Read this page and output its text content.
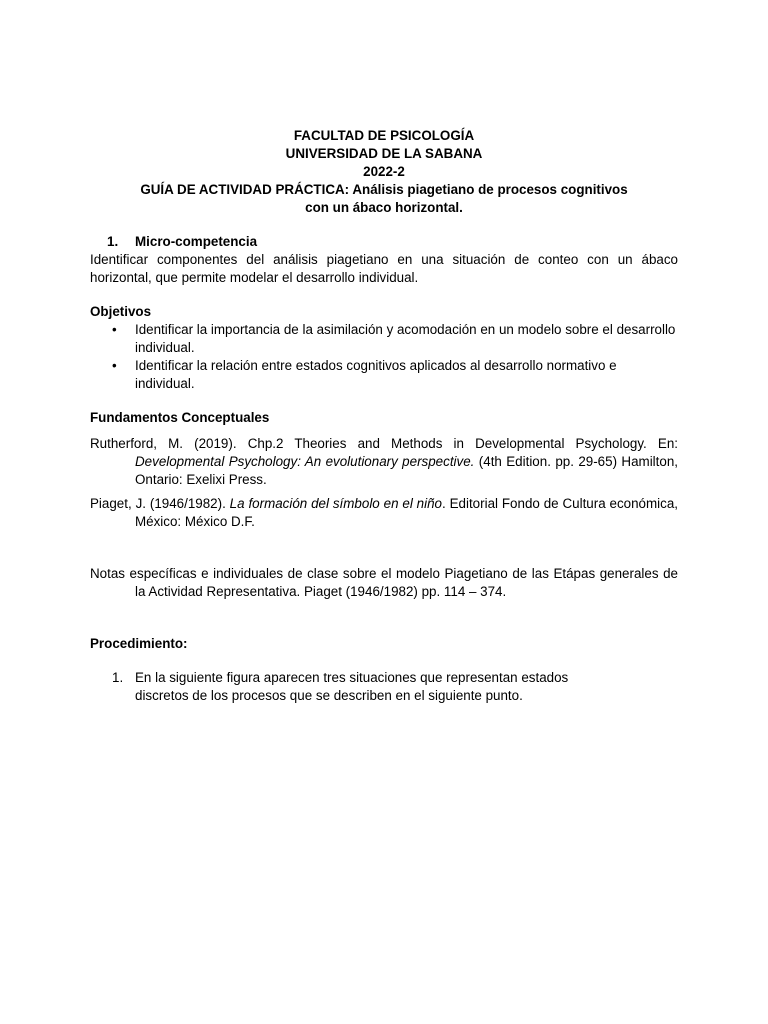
FACULTAD DE PSICOLOGÍA
UNIVERSIDAD DE LA SABANA
2022-2
GUÍA DE ACTIVIDAD PRÁCTICA: Análisis piagetiano de procesos cognitivos
con un ábaco horizontal.
1.	Micro-competencia
Identificar componentes del análisis piagetiano en una situación de conteo con un ábaco horizontal, que permite modelar el desarrollo individual.
Objetivos
•	Identificar la importancia de la asimilación y acomodación en un modelo sobre el desarrollo individual.
•	Identificar la relación entre estados cognitivos aplicados al desarrollo normativo e individual.
Fundamentos Conceptuales
Rutherford, M. (2019). Chp.2 Theories and Methods in Developmental Psychology. En: Developmental Psychology: An evolutionary perspective. (4th Edition. pp. 29-65) Hamilton, Ontario: Exelixi Press.
Piaget, J. (1946/1982). La formación del símbolo en el niño. Editorial Fondo de Cultura económica, México: México D.F.
Notas específicas e individuales de clase sobre el modelo Piagetiano de las Etápas generales de la Actividad Representativa. Piaget (1946/1982) pp. 114 – 374.
Procedimiento:
1. En la siguiente figura aparecen tres situaciones que representan estados discretos de los procesos que se describen en el siguiente punto.
